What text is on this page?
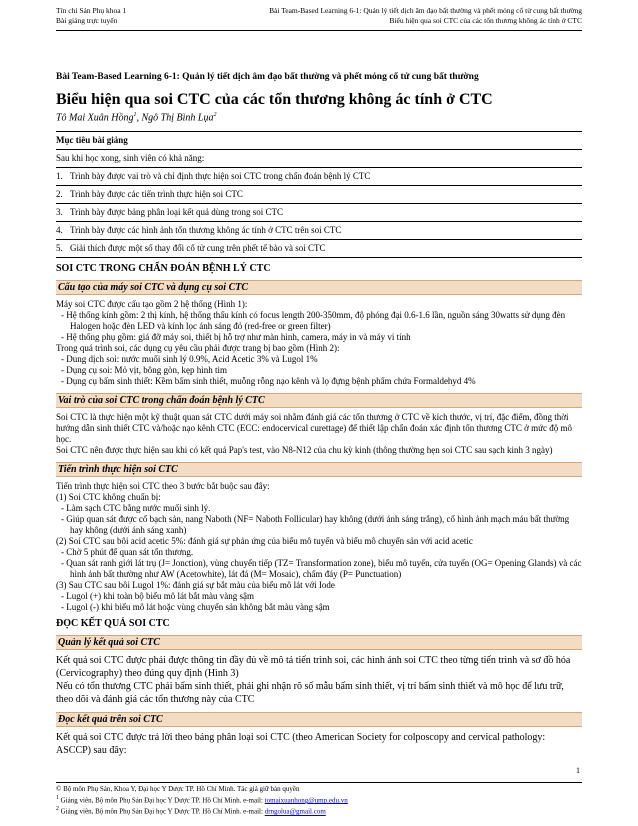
Tín chỉ Sản Phụ khoa 1
Bài giảng trực tuyến
Bài Team-Based Learning 6-1: Quản lý tiết dịch âm đạo bất thường và phết mỏng cổ tử cung bất thường
Biểu hiện qua soi CTC của các tổn thương không ác tính ở CTC

Bài Team-Based Learning 6-1: Quản lý tiết dịch âm đạo bất thường và phết mỏng cổ tử cung bất thường

Biểu hiện qua soi CTC của các tổn thương không ác tính ở CTC

Tô Mai Xuân Hồng$^1$, Ngô Thị Bình Lụa$^2$

Mục tiêu bài giảng
Sau khi học xong, sinh viên có khả năng:
1. Trình bày được vai trò và chỉ định thực hiện soi CTC trong chẩn đoán bệnh lý CTC
2. Trình bày được các tiến trình thực hiện soi CTC
3. Trình bày được bảng phân loại kết quả dùng trong soi CTC
4. Trình bày được các hình ảnh tổn thương không ác tính ở CTC trên soi CTC
5. Giải thích được một số thay đổi cổ tử cung trên phết tế bào và soi CTC
SOI CTC TRONG CHẨN ĐOÁN BỆNH LÝ CTC
Cấu tạo của máy soi CTC và dụng cụ soi CTC

Máy soi CTC được cấu tạo gồm 2 hệ thống (Hình 1):

- Hệ thống kính gồm: 2 thị kính, hệ thống thấu kính có focus length 200-350mm, độ phóng đại 0.6-1.6 lần, nguồn sáng 30watts sử dụng đèn Halogen hoặc đèn LED và kính lọc ánh sáng đỏ (red-free or green filter)

- Hệ thống phụ gồm: giá đỡ máy soi, thiết bị hỗ trợ như màn hình, camera, máy in và máy vi tính

Trong quá trình soi, các dụng cụ yêu cầu phải được trang bị bao gồm (Hình 2):

- Dung dịch soi: nước muối sinh lý 0.9%, Acid Acetic 3% và Lugol 1%

- Dụng cụ soi: Mỏ vịt, bông gòn, kẹp hình tim

- Dụng cụ bấm sinh thiết: Kềm bấm sinh thiết, muỗng rỗng nạo kênh và lọ đựng bệnh phẩm chứa Formaldehyd 4%

Vai trò của soi CTC trong chẩn đoán bệnh lý CTC

Soi CTC là thực hiện một kỹ thuật quan sát CTC dưới máy soi nhằm đánh giá các tổn thương ở CTC về kích thước, vị trí, đặc điểm, đồng thời hướng dẫn sinh thiết CTC và/hoặc nạo kênh CTC (ECC: endocervical curettage) để thiết lập chẩn đoán xác định tổn thương CTC ở mức độ mô học.

Soi CTC nên được thực hiện sau khi có kết quả Pap's test, vào N8-N12 của chu kỳ kinh (thông thường hẹn soi CTC sau sạch kinh 3 ngày)

Tiến trình thực hiện soi CTC

Tiến trình thực hiện soi CTC theo 3 bước bắt buộc sau đây:

(1) Soi CTC không chuẩn bị:

- Làm sạch CTC bằng nước muối sinh lý.

- Giúp quan sát được cổ bạch sản, nang Naboth (NF= Naboth Follicular) hay không (dưới ánh sáng trắng), cổ hình ảnh mạch máu bất thường hay không (dưới ánh sáng xanh)

(2) Soi CTC sau bôi acid acetic 5%: đánh giá sự phản ứng của biểu mô tuyến và biểu mô chuyển sản với acid acetic

- Chờ 5 phút để quan sát tổn thương.

- Quan sát ranh giới lát trụ (J= Jonction), vùng chuyển tiếp (TZ= Transformation zone), biểu mô tuyến, cửa tuyến (OG= Opening Glands) và các hình ảnh bất thường như AW (Acetowhite), lát đá (M= Mosaic), chấm đáy (P= Punctuation)

(3) Sau CTC sau bôi Lugol 1%: đánh giá sự bắt màu của biểu mô lát với Iode

- Lugol (+) khi toàn bộ biểu mô lát bắt màu vàng sậm

- Lugol (-) khi biểu mô lát hoặc vùng chuyển sản không bắt màu vàng sậm

ĐỌC KẾT QUẢ SOI CTC
Quản lý kết quả soi CTC

Kết quả soi CTC được phải được thông tin đầy đủ về mô tả tiến trình soi, các hình ảnh soi CTC theo từng tiến trình và sơ đồ hóa (Cervicography) theo đúng quy định (Hình 3)

Nếu có tổn thương CTC phải bấm sinh thiết, phải ghi nhận rõ số mẫu bấm sinh thiết, vị trí bấm sinh thiết và mô học để lưu trữ, theo dõi và đánh giá các tổn thương này của CTC

Đọc kết quả trên soi CTC

Kết quả soi CTC được trả lời theo bảng phân loại soi CTC (theo American Society for colposcopy and cervical pathology: ASCCP) sau đây:

1
© Bộ môn Phụ Sản, Khoa Y, Đại học Y Dược TP. Hồ Chí Minh. Tác giả giữ bản quyền
$^1$ Giảng viên, Bộ môn Phụ Sản Đại học Y Dược TP. Hồ Chí Minh. e-mail: tomaixuanhong@ump.edu.vn
$^2$ Giảng viên, Bộ môn Phụ Sản Đại học Y Dược TP. Hồ Chí Minh. e-mail: drngolua@gmail.com
